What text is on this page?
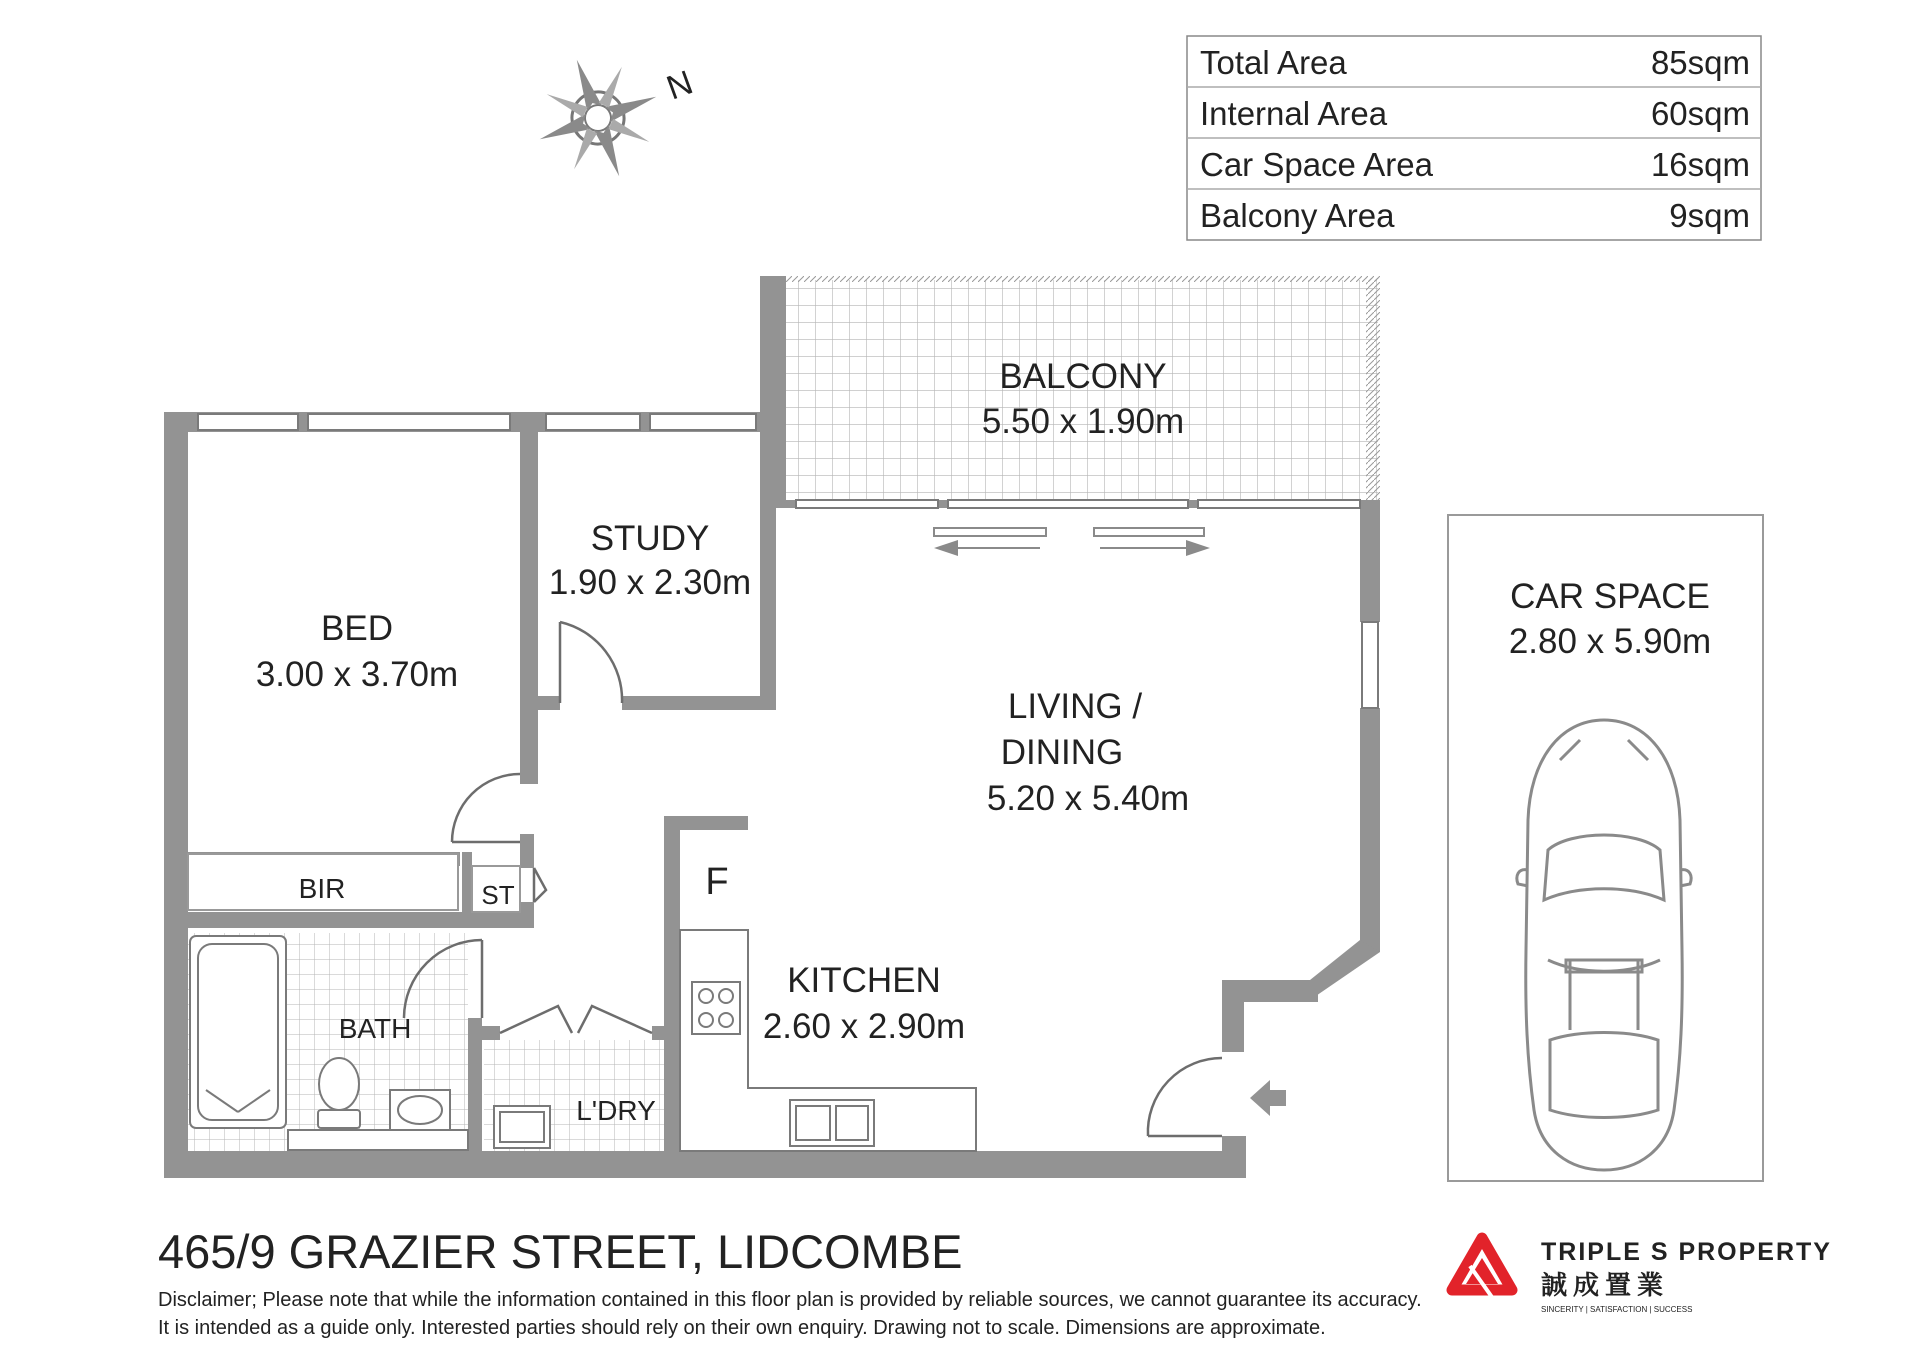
Total Area	85sqm
Internal Area	60sqm
Car Space Area	16sqm
Balcony Area	9sqm
N
BALCONY
5.50 x 1.90m
STUDY
1.90 x 2.30m
BED
3.00 x 3.70m
LIVING /
DINING
5.20 x 5.40m
KITCHEN
2.60 x 2.90m
BIR	ST
BATH
L'DRY
F
CAR SPACE
2.80 x 5.90m
465/9 GRAZIER STREET, LIDCOMBE
Disclaimer; Please note that while the information contained in this floor plan is provided by reliable sources, we cannot guarantee its accuracy.
It is intended as a guide only. Interested parties should rely on their own enquiry. Drawing not to scale. Dimensions are approximate.
TRIPLE S PROPERTY
誠成置業
SINCERITY | SATISFACTION | SUCCESS
